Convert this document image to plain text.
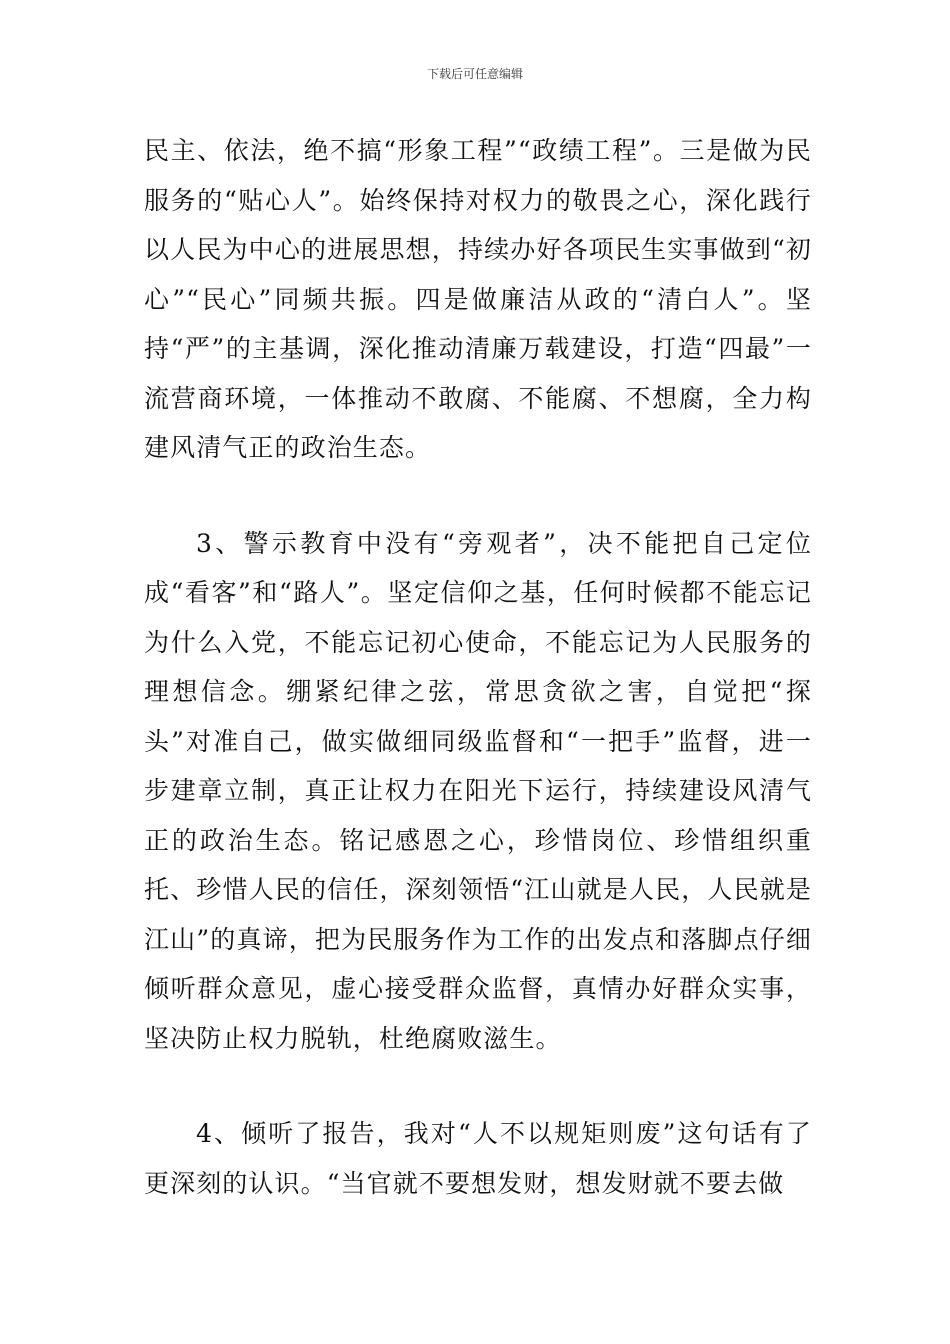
下载后可任意编辑

民主、依法，绝不搞“形象工程”“政绩工程”。三是做为民服务的“贴心人”。始终保持对权力的敬畏之心，深化践行以人民为中心的进展思想，持续办好各项民生实事做到“初心”“民心”同频共振。四是做廉洁从政的“清白人”。坚持“严”的主基调，深化推动清廉万载建设，打造“四最”一流营商环境，一体推动不敢腐、不能腐、不想腐，全力构建风清气正的政治生态。

3、警示教育中没有“旁观者”，决不能把自己定位成“看客”和“路人”。坚定信仰之基，任何时候都不能忘记为什么入党，不能忘记初心使命，不能忘记为人民服务的理想信念。绷紧纪律之弦，常思贪欲之害，自觉把“探头”对准自己，做实做细同级监督和“一把手”监督，进一步建章立制，真正让权力在阳光下运行，持续建设风清气正的政治生态。铭记感恩之心，珍惜岗位、珍惜组织重托、珍惜人民的信任，深刻领悟“江山就是人民，人民就是江山”的真谛，把为民服务作为工作的出发点和落脚点仔细倾听群众意见，虚心接受群众监督，真情办好群众实事，坚决防止权力脱轨，杜绝腐败滋生。

4、倾听了报告，我对“人不以规矩则废”这句话有了更深刻的认识。“当官就不要想发财，想发财就不要去做
